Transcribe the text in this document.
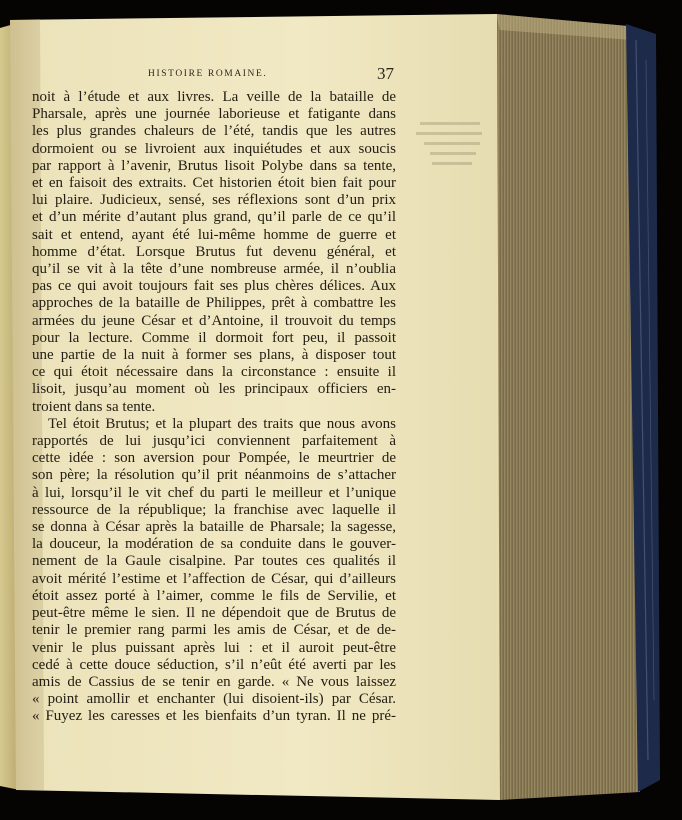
HISTOIRE ROMAINE.	37
noit à l’étude et aux livres. La veille de la bataille de
Pharsale, après une journée laborieuse et fatigante dans
les plus grandes chaleurs de l’été, tandis que les autres
dormoient ou se livroient aux inquiétudes et aux soucis
par rapport à l’avenir, Brutus lisoit Polybe dans sa tente,
et en faisoit des extraits. Cet historien étoit bien fait pour
lui plaire. Judicieux, sensé, ses réflexions sont d’un prix
et d’un mérite d’autant plus grand, qu’il parle de ce qu’il
sait et entend, ayant été lui-même homme de guerre et
homme d’état. Lorsque Brutus fut devenu général, et
qu’il se vit à la tête d’une nombreuse armée, il n’oublia
pas ce qui avoit toujours fait ses plus chères délices. Aux
approches de la bataille de Philippes, prêt à combattre les
armées du jeune César et d’Antoine, il trouvoit du temps
pour la lecture. Comme il dormoit fort peu, il passoit
une partie de la nuit à former ses plans, à disposer tout
ce qui étoit nécessaire dans la circonstance : ensuite il
lisoit, jusqu’au moment où les principaux officiers en-
troient dans sa tente.
Tel étoit Brutus; et la plupart des traits que nous avons
rapportés de lui jusqu’ici conviennent parfaitement à
cette idée : son aversion pour Pompée, le meurtrier de
son père; la résolution qu’il prit néanmoins de s’attacher
à lui, lorsqu’il le vit chef du parti le meilleur et l’unique
ressource de la république; la franchise avec laquelle il
se donna à César après la bataille de Pharsale; la sagesse,
la douceur, la modération de sa conduite dans le gouver-
nement de la Gaule cisalpine. Par toutes ces qualités il
avoit mérité l’estime et l’affection de César, qui d’ailleurs
étoit assez porté à l’aimer, comme le fils de Servilie, et
peut-être même le sien. Il ne dépendoit que de Brutus de
tenir le premier rang parmi les amis de César, et de de-
venir le plus puissant après lui : et il auroit peut-être
cedé à cette douce séduction, s’il n’eût été averti par les
amis de Cassius de se tenir en garde. « Ne vous laissez
« point amollir et enchanter (lui disoient-ils) par César.
« Fuyez les caresses et les bienfaits d’un tyran. Il ne pré-
